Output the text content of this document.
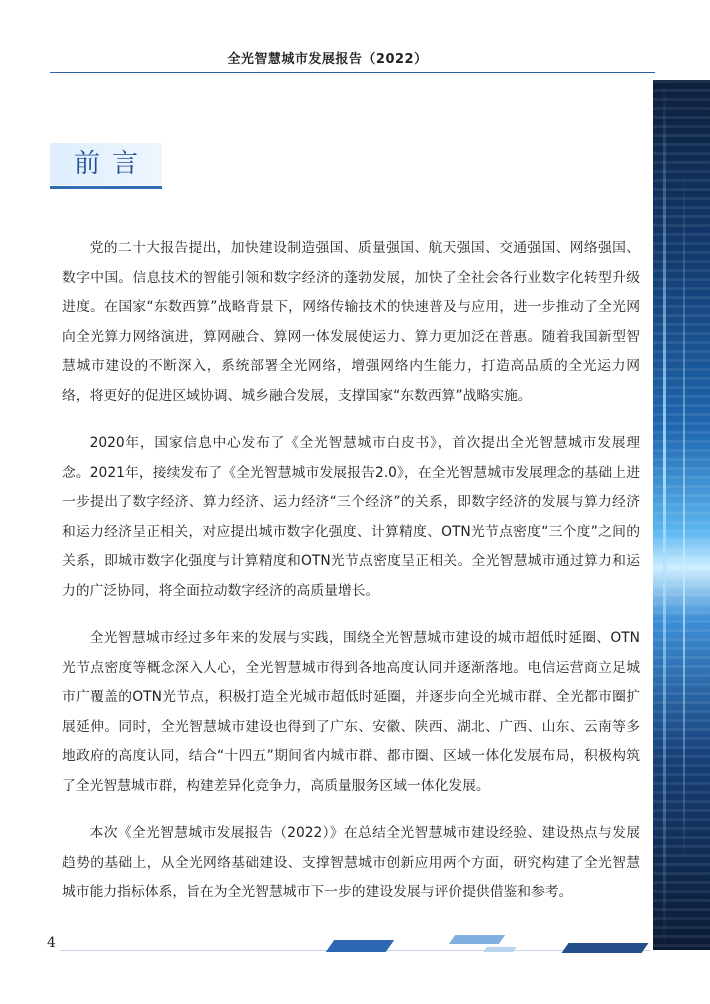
全光智慧城市发展报告（2022）
前言

党的二十大报告提出，加快建设制造强国、质量强国、航天强国、交通强国、网络强国、数字中国。信息技术的智能引领和数字经济的蓬勃发展，加快了全社会各行业数字化转型升级进度。在国家“东数西算”战略背景下，网络传输技术的快速普及与应用，进一步推动了全光网向全光算力网络演进，算网融合、算网一体发展使运力、算力更加泛在普惠。随着我国新型智慧城市建设的不断深入，系统部署全光网络，增强网络内生能力，打造高品质的全光运力网络，将更好的促进区域协调、城乡融合发展，支撑国家“东数西算”战略实施。

2020年，国家信息中心发布了《全光智慧城市白皮书》，首次提出全光智慧城市发展理念。2021年，接续发布了《全光智慧城市发展报告2.0》，在全光智慧城市发展理念的基础上进一步提出了数字经济、算力经济、运力经济“三个经济”的关系，即数字经济的发展与算力经济和运力经济呈正相关，对应提出城市数字化强度、计算精度、OTN光节点密度“三个度”之间的关系，即城市数字化强度与计算精度和OTN光节点密度呈正相关。全光智慧城市通过算力和运力的广泛协同，将全面拉动数字经济的高质量增长。

全光智慧城市经过多年来的发展与实践，围绕全光智慧城市建设的城市超低时延圈、OTN光节点密度等概念深入人心，全光智慧城市得到各地高度认同并逐渐落地。电信运营商立足城市广覆盖的OTN光节点，积极打造全光城市超低时延圈，并逐步向全光城市群、全光都市圈扩展延伸。同时，全光智慧城市建设也得到了广东、安徽、陕西、湖北、广西、山东、云南等多地政府的高度认同，结合“十四五”期间省内城市群、都市圈、区域一体化发展布局，积极构筑了全光智慧城市群，构建差异化竞争力，高质量服务区域一体化发展。

本次《全光智慧城市发展报告（2022）》在总结全光智慧城市建设经验、建设热点与发展趋势的基础上，从全光网络基础建设、支撑智慧城市创新应用两个方面，研究构建了全光智慧城市能力指标体系，旨在为全光智慧城市下一步的建设发展与评价提供借鉴和参考。

4
